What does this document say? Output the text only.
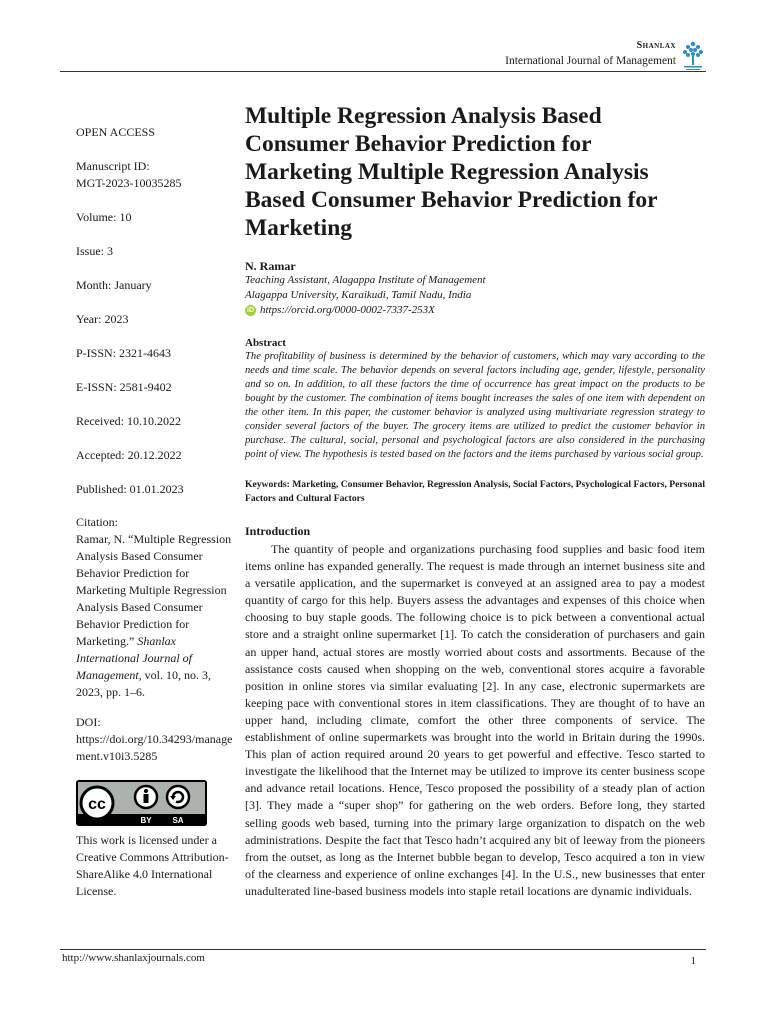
Shanlax
International Journal of Management
OPEN ACCESS
Manuscript ID:
MGT-2023-10035285
Volume: 10
Issue: 3
Month: January
Year: 2023
P-ISSN: 2321-4643
E-ISSN: 2581-9402
Received: 10.10.2022
Accepted: 20.12.2022
Published: 01.01.2023
Citation:
Ramar, N. “Multiple Regression Analysis Based Consumer Behavior Prediction for Marketing Multiple Regression Analysis Based Consumer Behavior Prediction for Marketing.” Shanlax International Journal of Management, vol. 10, no. 3, 2023, pp. 1–6.
DOI:
https://doi.org/10.34293/management.v10i3.5285
cc
BY	SA
This work is licensed under a Creative Commons Attribution-ShareAlike 4.0 International License.
Multiple Regression Analysis Based Consumer Behavior Prediction for Marketing Multiple Regression Analysis Based Consumer Behavior Prediction for Marketing
N. Ramar
Teaching Assistant, Alagappa Institute of Management
Alagappa University, Karaikudi, Tamil Nadu, India
iD https://orcid.org/0000-0002-7337-253X
Abstract

The profitability of business is determined by the behavior of customers, which may vary according to the needs and time scale. The behavior depends on several factors including age, gender, lifestyle, personality and so on. In addition, to all these factors the time of occurrence has great impact on the products to be bought by the customer. The combination of items bought increases the sales of one item with dependent on the other item. In this paper, the customer behavior is analyzed using multivariate regression strategy to consider several factors of the buyer. The grocery items are utilized to predict the customer behavior in purchase. The cultural, social, personal and psychological factors are also considered in the purchasing point of view. The hypothesis is tested based on the factors and the items purchased by various social group.

Keywords: Marketing, Consumer Behavior, Regression Analysis, Social Factors, Psychological Factors, Personal Factors and Cultural Factors

Introduction

The quantity of people and organizations purchasing food supplies and basic food item items online has expanded generally. The request is made through an internet business site and a versatile application, and the supermarket is conveyed at an assigned area to pay a modest quantity of cargo for this help. Buyers assess the advantages and expenses of this choice when choosing to buy staple goods. The following choice is to pick between a conventional actual store and a straight online supermarket [1]. To catch the consideration of purchasers and gain an upper hand, actual stores are mostly worried about costs and assortments. Because of the assistance costs caused when shopping on the web, conventional stores acquire a favorable position in online stores via similar evaluating [2]. In any case, electronic supermarkets are keeping pace with conventional stores in item classifications. They are thought of to have an upper hand, including climate, comfort the other three components of service. The establishment of online supermarkets was brought into the world in Britain during the 1990s. This plan of action required around 20 years to get powerful and effective. Tesco started to investigate the likelihood that the Internet may be utilized to improve its center business scope and advance retail locations. Hence, Tesco proposed the possibility of a steady plan of action [3]. They made a “super shop” for gathering on the web orders. Before long, they started selling goods web based, turning into the primary large organization to dispatch on the web administrations. Despite the fact that Tesco hadn’t acquired any bit of leeway from the pioneers from the outset, as long as the Internet bubble began to develop, Tesco acquired a ton in view of the clearness and experience of online exchanges [4]. In the U.S., new businesses that enter unadulterated line-based business models into staple retail locations are dynamic individuals.

http://www.shanlaxjournals.com	1
